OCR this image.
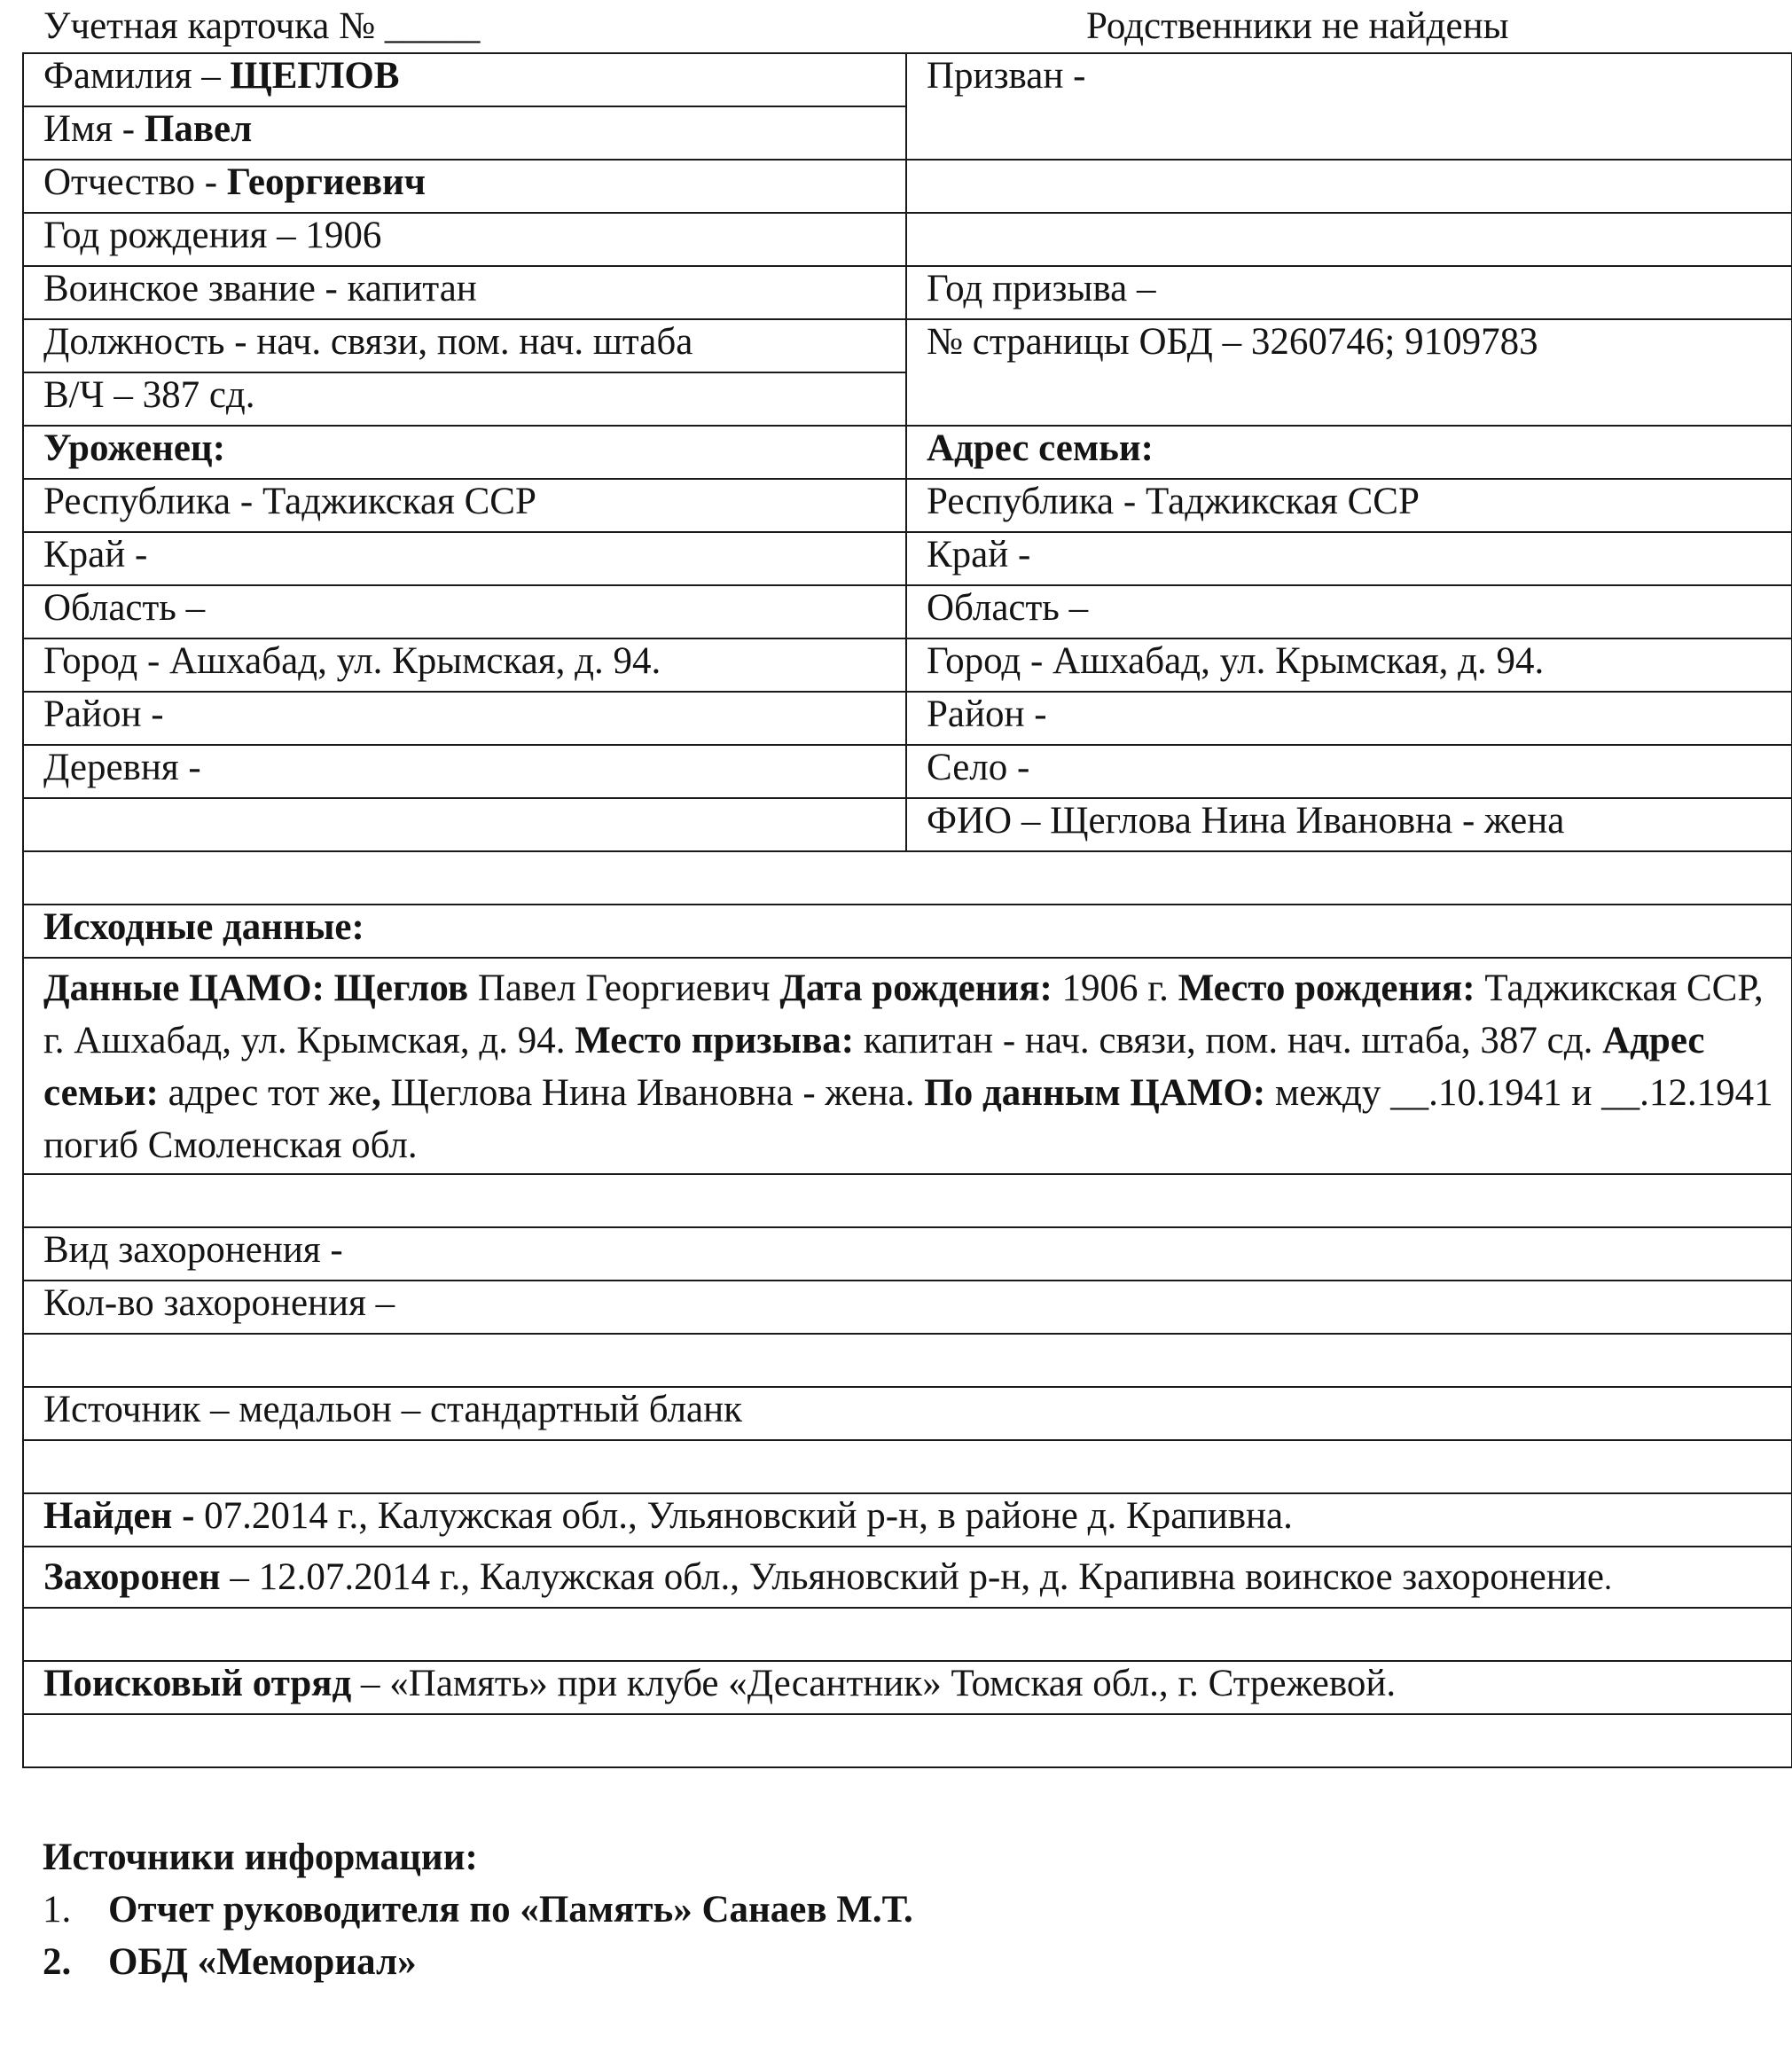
Учетная карточка № _____	Родственники не найдены
Фамилия – ЩЕГЛОВ	Призван -
Имя - Павел	
Отчество - Георгиевич	
Год рождения – 1906	
Воинское звание - капитан	Год призыва –
Должность - нач. связи, пом. нач. штаба	№ страницы ОБД – 3260746; 9109783
В/Ч – 387 сд.	
Уроженец:	Адрес семьи:
Республика - Таджикская ССР	Республика - Таджикская ССР
Край -	Край -
Область –	Область –
Город - Ашхабад, ул. Крымская, д. 94.	Город - Ашхабад, ул. Крымская, д. 94.
Район -	Район -
Деревня -	Село -
	ФИО – Щеглова Нина Ивановна - жена

Исходные данные:	
Данные ЦАМО: Щеглов Павел Георгиевич Дата рождения: 1906 г. Место рождения: Таджикская ССР, г. Ашхабад, ул. Крымская, д. 94. Место призыва: капитан - нач. связи, пом. нач. штаба, 387 сд. Адрес семьи: адрес тот же, Щеглова Нина Ивановна - жена. По данным ЦАМО: между __.10.1941 и __.12.1941 погиб Смоленская обл.	

Вид захоронения -	
Кол-во захоронения –	

Источник – медальон – стандартный бланк	

Найден - 07.2014 г., Калужская обл., Ульяновский р-н, в районе д. Крапивна.	
Захоронен – 12.07.2014 г., Калужская обл., Ульяновский р-н, д. Крапивна воинское захоронение.	

Поисковый отряд – «Память» при клубе «Десантник» Томская обл., г. Стрежевой.	

Источники информации:
1. Отчет руководителя по «Память» Санаев М.Т.
2. ОБД «Мемориал»
